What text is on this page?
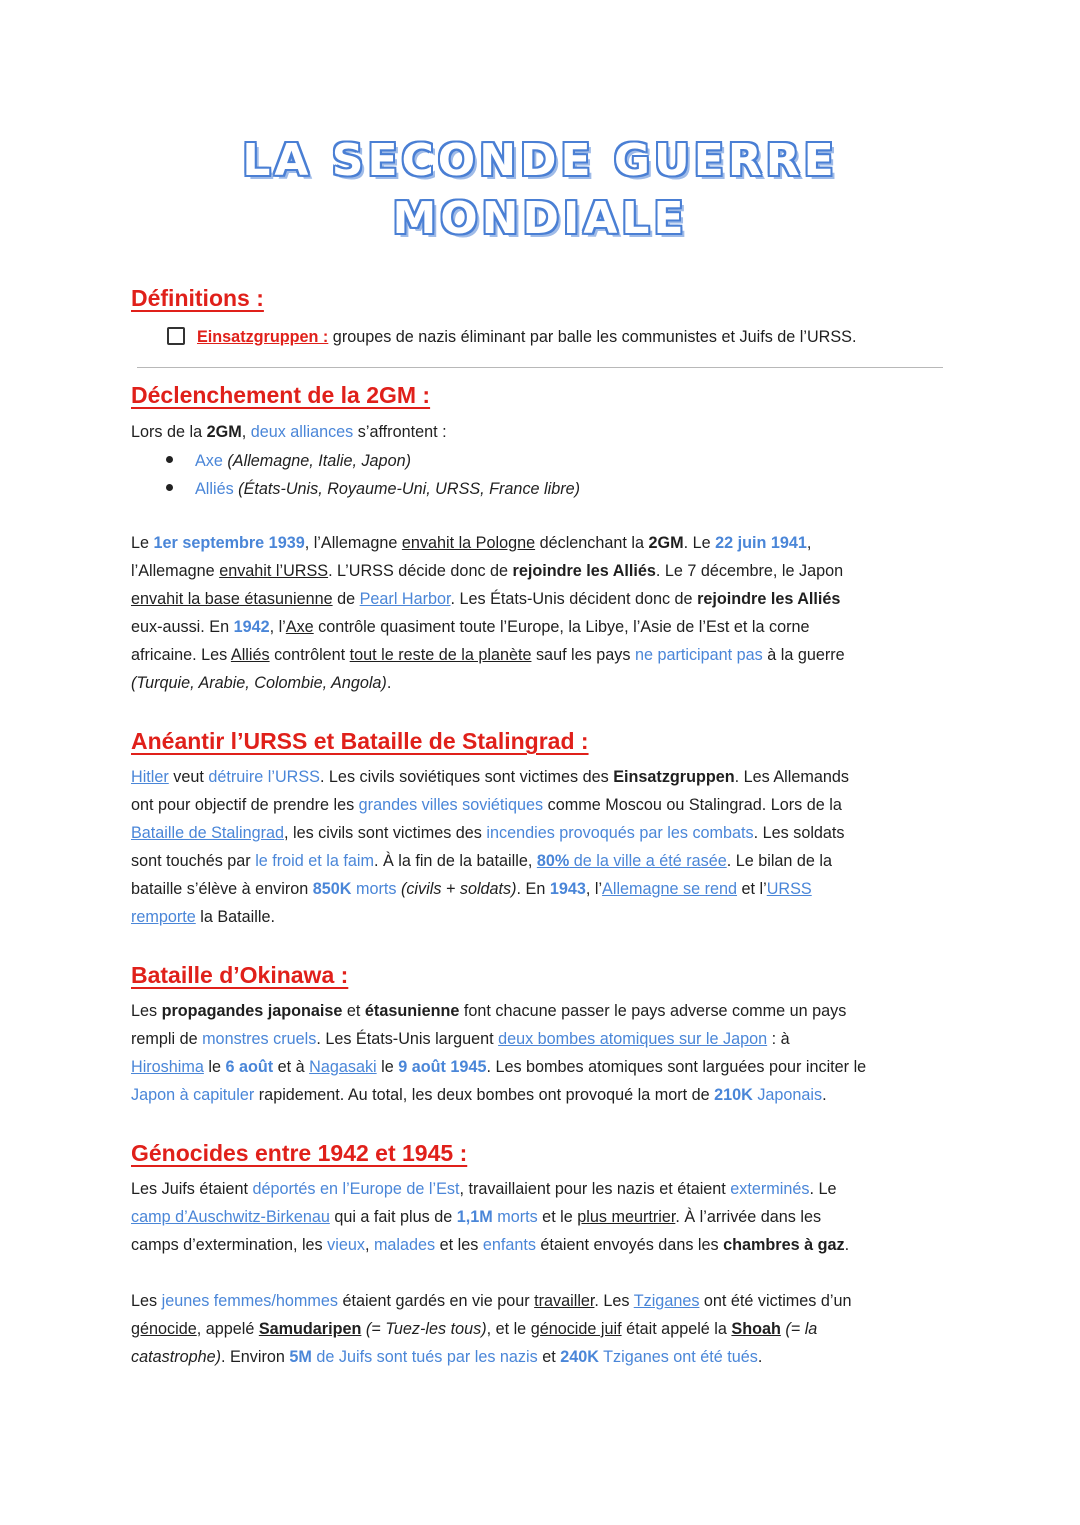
LA SECONDE GUERRE
MONDIALE
Définitions :
Einsatzgruppen : groupes de nazis éliminant par balle les communistes et Juifs de l’URSS.
Déclenchement de la 2GM :

Lors de la 2GM, deux alliances s’affrontent :

Axe (Allemagne, Italie, Japon)
Alliés (États-Unis, Royaume-Uni, URSS, France libre)

Le 1er septembre 1939, l’Allemagne envahit la Pologne déclenchant la 2GM. Le 22 juin 1941,
l’Allemagne envahit l’URSS. L’URSS décide donc de rejoindre les Alliés. Le 7 décembre, le Japon
envahit la base étasunienne de Pearl Harbor. Les États-Unis décident donc de rejoindre les Alliés
eux-aussi. En 1942, l’Axe contrôle quasiment toute l’Europe, la Libye, l’Asie de l’Est et la corne
africaine. Les Alliés contrôlent tout le reste de la planète sauf les pays ne participant pas à la guerre
(Turquie, Arabie, Colombie, Angola).

Anéantir l’URSS et Bataille de Stalingrad :

Hitler veut détruire l’URSS. Les civils soviétiques sont victimes des Einsatzgruppen. Les Allemands
ont pour objectif de prendre les grandes villes soviétiques comme Moscou ou Stalingrad. Lors de la
Bataille de Stalingrad, les civils sont victimes des incendies provoqués par les combats. Les soldats
sont touchés par le froid et la faim. À la fin de la bataille, 80% de la ville a été rasée. Le bilan de la
bataille s’élève à environ 850K morts (civils + soldats). En 1943, l’Allemagne se rend et l’URSS
remporte la Bataille.

Bataille d’Okinawa :

Les propagandes japonaise et étasunienne font chacune passer le pays adverse comme un pays
rempli de monstres cruels. Les États-Unis larguent deux bombes atomiques sur le Japon : à
Hiroshima le 6 août et à Nagasaki le 9 août 1945. Les bombes atomiques sont larguées pour inciter le
Japon à capituler rapidement. Au total, les deux bombes ont provoqué la mort de 210K Japonais.

Génocides entre 1942 et 1945 :

Les Juifs étaient déportés en l’Europe de l’Est, travaillaient pour les nazis et étaient exterminés. Le
camp d’Auschwitz-Birkenau qui a fait plus de 1,1M morts et le plus meurtrier. À l’arrivée dans les
camps d’extermination, les vieux, malades et les enfants étaient envoyés dans les chambres à gaz.

Les jeunes femmes/hommes étaient gardés en vie pour travailler. Les Tziganes ont été victimes d’un
génocide, appelé Samudaripen (= Tuez-les tous), et le génocide juif était appelé la Shoah (= la
catastrophe). Environ 5M de Juifs sont tués par les nazis et 240K Tziganes ont été tués.
